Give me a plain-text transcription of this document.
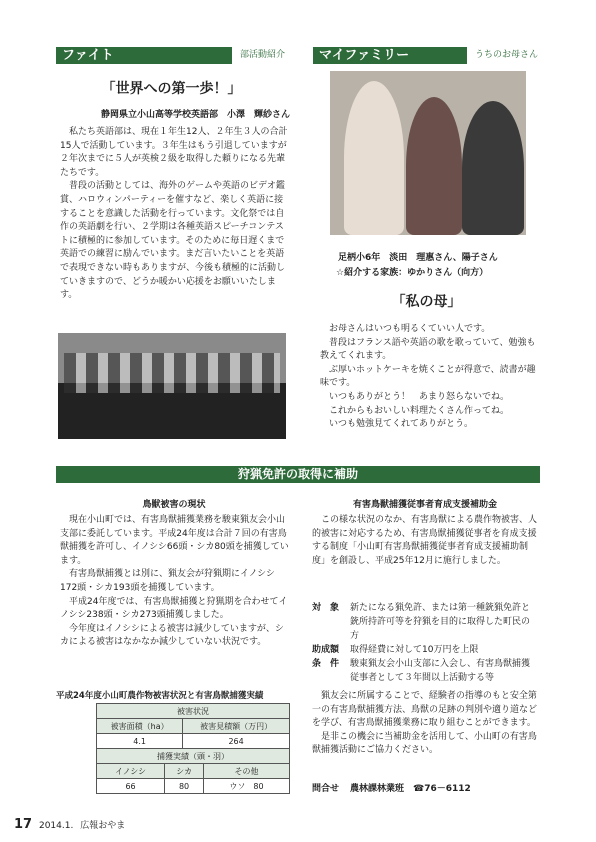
ファイト	部活動紹介
「世界への第一歩！」
静岡県立小山高等学校英語部　小澤　輝紗さん

私たち英語部は、現在１年生12人、２年生３人の合計15人で活動しています。３年生はもう引退していますが２年次までに５人が英検２級を取得した頼りになる先輩たちです。

普段の活動としては、海外のゲームや英語のビデオ鑑賞、ハロウィンパーティーを催すなど、楽しく英語に接することを意識した活動を行っています。文化祭では自作の英語劇を行い、２学期は各種英語スピーチコンテストに積極的に参加しています。そのために毎日遅くまで英語での練習に励んでいます。まだ言いたいことを英語で表現できない時もありますが、今後も積極的に活動していきますので、どうか暖かい応援をお願いいたします。

マイファミリー	うちのお母さん
足柄小6年　淡田　理惠さん、陽子さん
☆紹介する家族：ゆかりさん（向方）
「私の母」

お母さんはいつも明るくていい人です。

普段はフランス語や英語の歌を歌っていて、勉強も教えてくれます。

ぶ厚いホットケーキを焼くことが得意で、読書が趣味です。

いつもありがとう！　あまり怒らないでね。

これからもおいしい料理たくさん作ってね。

いつも勉強見てくれてありがとう。

狩猟免許の取得に補助
鳥獣被害の現状

現在小山町では、有害鳥獣捕獲業務を駿東猟友会小山支部に委託しています。平成24年度は合計７回の有害鳥獣捕獲を許可し、イノシシ66頭・シカ80頭を捕獲しています。

有害鳥獣捕獲とは別に、猟友会が狩猟期にイノシシ172頭・シカ193頭を捕獲しています。

平成24年度では、有害鳥獣捕獲と狩猟期を合わせてイノシシ238頭・シカ273頭捕獲しました。

今年度はイノシシによる被害は減少していますが、シカによる被害はなかなか減少していない状況です。

平成24年度小山町農作物被害状況と有害鳥獣捕獲実績
被害状況			
被害面積（ha）		被害見積額（万円）	
4.1		264	
捕獲実績（頭・羽）			
イノシシ	シカ		その他
66	80		ウソ　80
有害鳥獣捕獲従事者育成支援補助金

この様な状況のなか、有害鳥獣による農作物被害、人的被害に対応するため、有害鳥獣捕獲従事者を育成支援する制度「小山町有害鳥獣捕獲従事者育成支援補助制度」を創設し、平成25年12月に施行しました。

対　象	新たになる猟免許、または第一種銃猟免許と銃所持許可等を狩猟を目的に取得した町民の方
助成額	取得経費に対して10万円を上限
条　件	駿東猟友会小山支部に入会し、有害鳥獣捕獲従事者として３年間以上活動する等

猟友会に所属することで、経験者の指導のもと安全第一の有害鳥獣捕獲方法、鳥獣の足跡の判別や適り道などを学び、有害鳥獣捕獲業務に取り組むことができます。

是非この機会に当補助金を活用して、小山町の有害鳥獣捕獲活動にご協力ください。

問合せ	農林課林業班　☎76－6112
17 2014.1. 広報おやま
